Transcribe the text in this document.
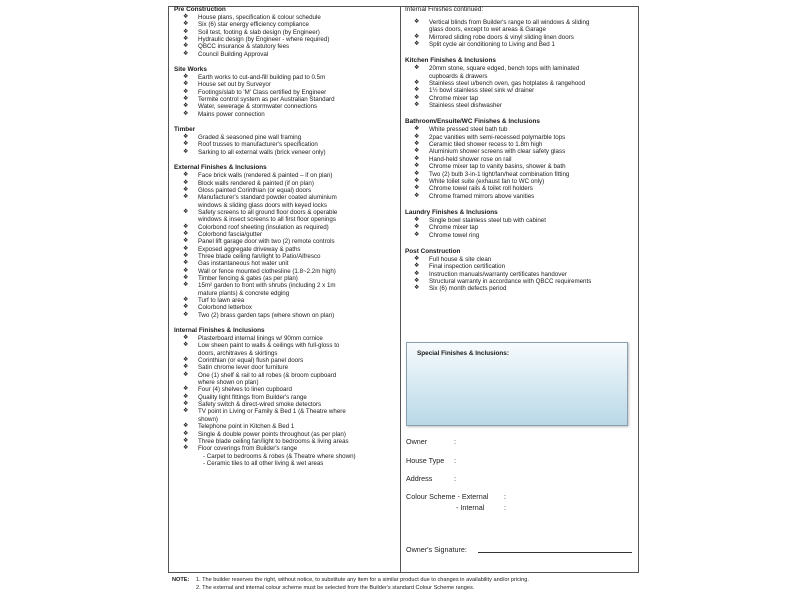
Pre Construction
❖ House plans, specification & colour schedule
❖ Six (6) star energy efficiency compliance
❖ Soil test, footing & slab design (by Engineer)
❖ Hydraulic design (by Engineer - where required)
❖ QBCC insurance & statutory fees
❖ Council Building Approval
Site Works
❖ Earth works to cut-and-fill building pad to 0.5m
❖ House set out by Surveyor
❖ Footings/slab to 'M' Class certified by Engineer
❖ Termite control system as per Australian Standard
❖ Water, sewerage & stormwater connections
❖ Mains power connection
Timber
❖ Graded & seasoned pine wall framing
❖ Roof trusses to manufacturer's specification
❖ Sarking to all external walls (brick veneer only)
External Finishes & Inclusions
❖ Face brick walls (rendered & painted – if on plan)
❖ Block walls rendered & painted (if on plan)
❖ Gloss painted Corinthian (or equal) doors
❖ Manufacturer's standard powder coated aluminium
windows & sliding glass doors with keyed locks
❖ Safety screens to all ground floor doors & operable
windows & insect screens to all first floor openings
❖ Colorbond roof sheeting (insulation as required)
❖ Colorbond fascia/gutter
❖ Panel lift garage door with two (2) remote controls
❖ Exposed aggregate driveway & paths
❖ Three blade ceiling fan/light to Patio/Alfresco
❖ Gas instantaneous hot water unit
❖ Wall or fence mounted clothesline (1.8~2.2m high)
❖ Timber fencing & gates (as per plan)
❖ 15m² garden to front with shrubs (including 2 x 1m
mature plants) & concrete edging
❖ Turf to lawn area
❖ Colorbond letterbox
❖ Two (2) brass garden taps (where shown on plan)
Internal Finishes & Inclusions
❖ Plasterboard internal linings w/ 90mm cornice
❖ Low sheen paint to walls & ceilings with full-gloss to
doors, architraves & skirtings
❖ Corinthian (or equal) flush panel doors
❖ Satin chrome lever door furniture
❖ One (1) shelf & rail to all robes (& broom cupboard
where shown on plan)
❖ Four (4) shelves to linen cupboard
❖ Quality light fittings from Builder's range
❖ Safety switch & direct-wired smoke detectors
❖ TV point in Living or Family & Bed 1 (& Theatre where
shown)
❖ Telephone point in Kitchen & Bed 1
❖ Single & double power points throughout (as per plan)
❖ Three blade ceiling fan/light to bedrooms & living areas
❖ Floor coverings from Builder's range
- Carpet to bedrooms & robes (& Theatre where shown)
- Ceramic tiles to all other living & wet areas
Internal Finishes continued:
❖ Vertical blinds from Builder's range to all windows & sliding
glass doors, except to wet areas & Garage
❖ Mirrored sliding robe doors & vinyl sliding linen doors
❖ Split cycle air conditioning to Living and Bed 1
Kitchen Finishes & Inclusions
❖ 20mm stone, square edged, bench tops with laminated
cupboards & drawers
❖ Stainless steel u/bench oven, gas hotplates & rangehood
❖ 1½ bowl stainless steel sink w/ drainer
❖ Chrome mixer tap
❖ Stainless steel dishwasher
Bathroom/Ensuite/WC Finishes & Inclusions
❖ White pressed steel bath tub
❖ 2pac vanities with semi-recessed polymarble tops
❖ Ceramic tiled shower recess to 1.8m high
❖ Aluminium shower screens with clear safety glass
❖ Hand-held shower rose on rail
❖ Chrome mixer tap to vanity basins, shower & bath
❖ Two (2) bulb 3-in-1 light/fan/heat combination fitting
❖ White toilet suite (exhaust fan to WC only)
❖ Chrome towel rails & toilet roll holders
❖ Chrome framed mirrors above vanities
Laundry Finishes & Inclusions
❖ Single bowl stainless steel tub with cabinet
❖ Chrome mixer tap
❖ Chrome towel ring
Post Construction
❖ Full house & site clean
❖ Final inspection certification
❖ Instruction manuals/warranty certificates handover
❖ Structural warranty in accordance with QBCC requirements
❖ Six (6) month defects period
Special Finishes & Inclusions:
Owner	:
House Type :
Address	:
Colour Scheme - External :
- Internal	:
Owner's Signature:
NOTE: 1. The builder reserves the right, without notice, to substitute any item for a similar product due to changes in availability and/or pricing.
2. The external and internal colour scheme must be selected from the Builder's standard Colour Scheme ranges.
